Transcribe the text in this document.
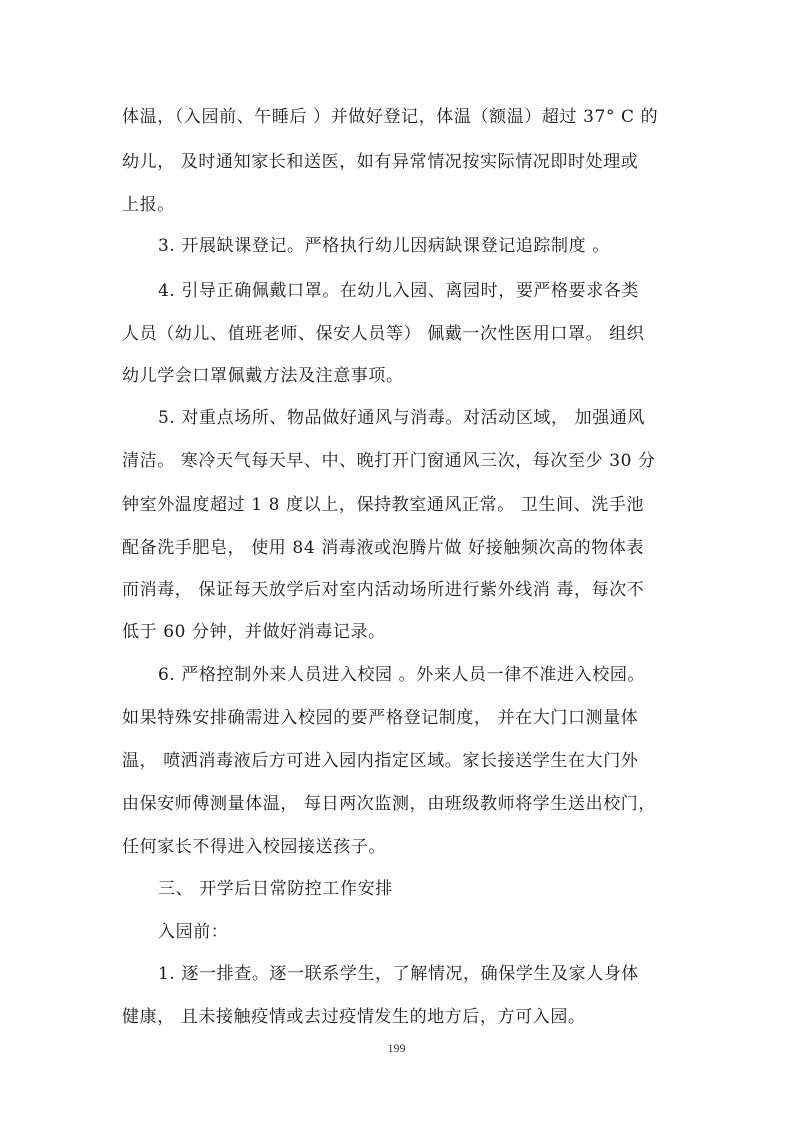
体温，（入园前、午睡后 ）并做好登记，体温（额温）超过 37° C 的
幼儿， 及时通知家长和送医，如有异常情况按实际情况即时处理或
上报。
3. 开展缺课登记。严格执行幼儿因病缺课登记追踪制度 。
4. 引导正确佩戴口罩。在幼儿入园、离园时，要严格要求各类
人员（幼儿、值班老师、保安人员等） 佩戴一次性医用口罩。 组织
幼儿学会口罩佩戴方法及注意事项。
5. 对重点场所、物品做好通风与消毒。对活动区域， 加强通风
清洁。 寒冷天气每天早、中、晚打开门窗通风三次，每次至少 30 分
钟室外温度超过 1 8 度以上，保持教室通风正常。 卫生间、洗手池
配备洗手肥皂， 使用 84 消毒液或泡腾片做 好接触频次高的物体表
而消毒， 保证每天放学后对室内活动场所进行紫外线消 毒，每次不
低于 60 分钟，并做好消毒记录。
6. 严格控制外来人员进入校园 。外来人员一律不准进入校园。
如果特殊安排确需进入校园的要严格登记制度， 并在大门口测量体
温， 喷洒消毒液后方可进入园内指定区域。家长接送学生在大门外
由保安师傅测量体温， 每日两次监测，由班级教师将学生送出校门，
任何家长不得进入校园接送孩子。
三、 开学后日常防控工作安排
入园前：
1. 逐一排查。逐一联系学生，了解情况，确保学生及家人身体
健康， 且未接触疫情或去过疫情发生的地方后，方可入园。
199
